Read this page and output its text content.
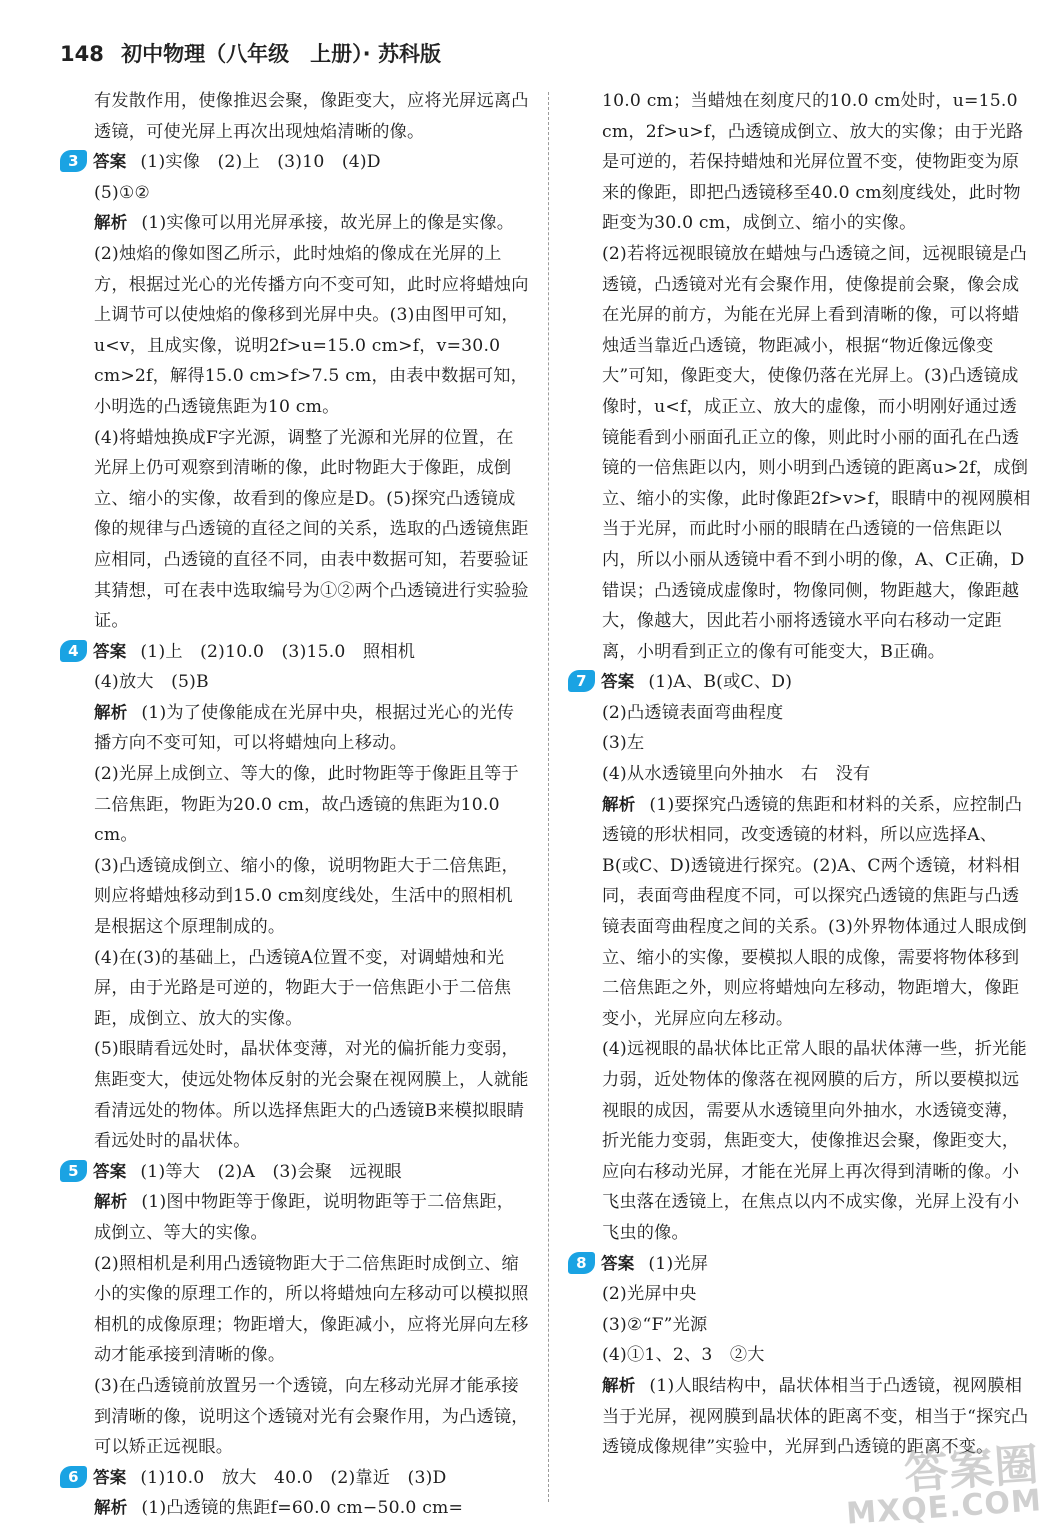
148 初中物理（八年级　上册）· 苏科版

有发散作用，使像推迟会聚，像距变大，应将光屏远离凸透镜，可使光屏上再次出现烛焰清晰的像。

3 答案 (1)实像　(2)上　(3)10　(4)D

(5)①②

解析 (1)实像可以用光屏承接，故光屏上的像是实像。(2)烛焰的像如图乙所示，此时烛焰的像成在光屏的上方，根据过光心的光传播方向不变可知，此时应将蜡烛向上调节可以使烛焰的像移到光屏中央。(3)由图甲可知，u<v，且成实像，说明2f>u=15.0 cm>f，v=30.0 cm>2f，解得15.0 cm>f>7.5 cm，由表中数据可知，小明选的凸透镜焦距为10 cm。

(4)将蜡烛换成F字光源，调整了光源和光屏的位置，在光屏上仍可观察到清晰的像，此时物距大于像距，成倒立、缩小的实像，故看到的像应是D。(5)探究凸透镜成像的规律与凸透镜的直径之间的关系，选取的凸透镜焦距应相同，凸透镜的直径不同，由表中数据可知，若要验证其猜想，可在表中选取编号为①②两个凸透镜进行实验验证。

4 答案 (1)上　(2)10.0　(3)15.0　照相机

(4)放大　(5)B

解析 (1)为了使像能成在光屏中央，根据过光心的光传播方向不变可知，可以将蜡烛向上移动。

(2)光屏上成倒立、等大的像，此时物距等于像距且等于二倍焦距，物距为20.0 cm，故凸透镜的焦距为10.0 cm。

(3)凸透镜成倒立、缩小的像，说明物距大于二倍焦距，则应将蜡烛移动到15.0 cm刻度线处，生活中的照相机是根据这个原理制成的。

(4)在(3)的基础上，凸透镜A位置不变，对调蜡烛和光屏，由于光路是可逆的，物距大于一倍焦距小于二倍焦距，成倒立、放大的实像。

(5)眼睛看远处时，晶状体变薄，对光的偏折能力变弱，焦距变大，使远处物体反射的光会聚在视网膜上，人就能看清远处的物体。所以选择焦距大的凸透镜B来模拟眼睛看远处时的晶状体。

5 答案 (1)等大　(2)A　(3)会聚　远视眼

解析 (1)图中物距等于像距，说明物距等于二倍焦距，成倒立、等大的实像。

(2)照相机是利用凸透镜物距大于二倍焦距时成倒立、缩小的实像的原理工作的，所以将蜡烛向左移动可以模拟照相机的成像原理；物距增大，像距减小，应将光屏向左移动才能承接到清晰的像。

(3)在凸透镜前放置另一个透镜，向左移动光屏才能承接到清晰的像，说明这个透镜对光有会聚作用，为凸透镜，可以矫正远视眼。

6 答案 (1)10.0　放大　40.0　(2)靠近　(3)D

解析 (1)凸透镜的焦距f=60.0 cm−50.0 cm=

10.0 cm；当蜡烛在刻度尺的10.0 cm处时，u=15.0 cm，2f>u>f，凸透镜成倒立、放大的实像；由于光路是可逆的，若保持蜡烛和光屏位置不变，使物距变为原来的像距，即把凸透镜移至40.0 cm刻度线处，此时物距变为30.0 cm，成倒立、缩小的实像。

(2)若将远视眼镜放在蜡烛与凸透镜之间，远视眼镜是凸透镜，凸透镜对光有会聚作用，使像提前会聚，像会成在光屏的前方，为能在光屏上看到清晰的像，可以将蜡烛适当靠近凸透镜，物距减小，根据“物近像远像变大”可知，像距变大，使像仍落在光屏上。(3)凸透镜成像时，u<f，成正立、放大的虚像，而小明刚好通过透镜能看到小丽面孔正立的像，则此时小丽的面孔在凸透镜的一倍焦距以内，则小明到凸透镜的距离u>2f，成倒立、缩小的实像，此时像距2f>v>f，眼睛中的视网膜相当于光屏，而此时小丽的眼睛在凸透镜的一倍焦距以内，所以小丽从透镜中看不到小明的像，A、C正确，D错误；凸透镜成虚像时，物像同侧，物距越大，像距越大，像越大，因此若小丽将透镜水平向右移动一定距离，小明看到正立的像有可能变大，B正确。

7 答案 (1)A、B(或C、D)

(2)凸透镜表面弯曲程度

(3)左

(4)从水透镜里向外抽水　右　没有

解析 (1)要探究凸透镜的焦距和材料的关系，应控制凸透镜的形状相同，改变透镜的材料，所以应选择A、B(或C、D)透镜进行探究。(2)A、C两个透镜，材料相同，表面弯曲程度不同，可以探究凸透镜的焦距与凸透镜表面弯曲程度之间的关系。(3)外界物体通过人眼成倒立、缩小的实像，要模拟人眼的成像，需要将物体移到二倍焦距之外，则应将蜡烛向左移动，物距增大，像距变小，光屏应向左移动。

(4)远视眼的晶状体比正常人眼的晶状体薄一些，折光能力弱，近处物体的像落在视网膜的后方，所以要模拟远视眼的成因，需要从水透镜里向外抽水，水透镜变薄，折光能力变弱，焦距变大，使像推迟会聚，像距变大，应向右移动光屏，才能在光屏上再次得到清晰的像。小飞虫落在透镜上，在焦点以内不成实像，光屏上没有小飞虫的像。

8 答案 (1)光屏

(2)光屏中央

(3)②“F”光源

(4)①1、2、3　②大

解析 (1)人眼结构中，晶状体相当于凸透镜，视网膜相当于光屏，视网膜到晶状体的距离不变，相当于“探究凸透镜成像规律”实验中，光屏到凸透镜的距离不变。

答案圈
MXQE.COM
